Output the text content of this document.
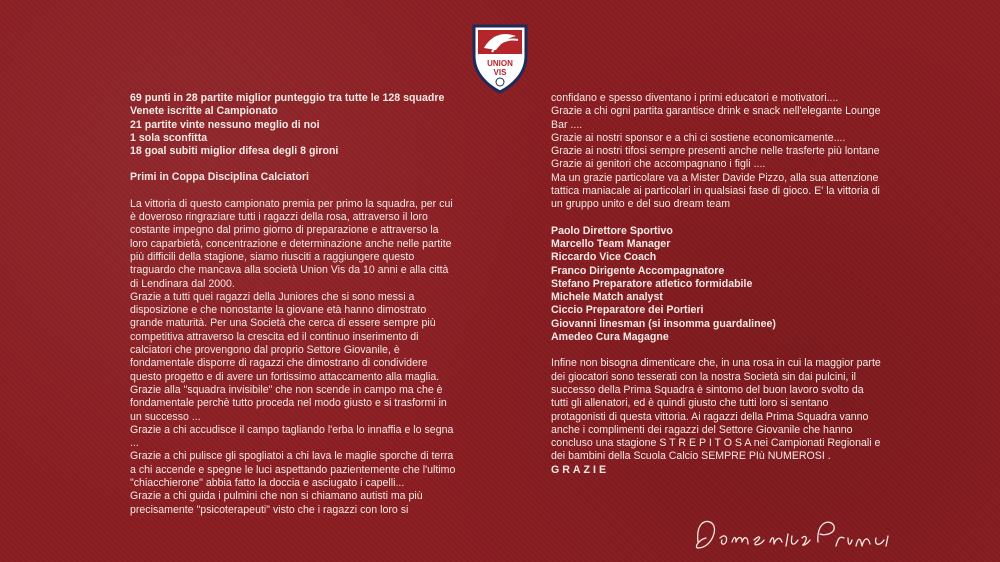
UNION
VIS

69 punti in 28 partite miglior punteggio tra tutte le 128 squadre Venete iscritte al Campionato

21 partite vinte nessuno meglio di noi

1 sola sconfitta

18 goal subiti miglior difesa degli 8 gironi

Primi in Coppa Disciplina Calciatori

La vittoria di questo campionato premia per primo la squadra, per cui è doveroso ringraziare tutti i ragazzi della rosa, attraverso il loro costante impegno dal primo giorno di preparazione e attraverso la loro caparbietà, concentrazione e determinazione anche nelle partite più difficili della stagione, siamo riusciti a raggiungere questo traguardo che mancava alla società Union Vis da 10 anni e alla città di Lendinara dal 2000.

Grazie a tutti quei ragazzi della Juniores che si sono messi a disposizione e che nonostante la giovane età hanno dimostrato grande maturità. Per una Società che cerca di essere sempre più competitiva attraverso la crescita ed il continuo inserimento di calciatori che provengono dal proprio Settore Giovanile, è fondamentale disporre di ragazzi che dimostrano di condividere questo progetto e di avere un fortissimo attaccamento alla maglia.

Grazie alla "squadra invisibile" che non scende in campo ma che è fondamentale perchè tutto proceda nel modo giusto e si trasformi in un successo ...

Grazie a chi accudisce il campo tagliando l'erba lo innaffia e lo segna ...

Grazie a chi pulisce gli spogliatoi a chi lava le maglie sporche di terra a chi accende e spegne le luci aspettando pazientemente che l'ultimo "chiacchierone" abbia fatto la doccia e asciugato i capelli...

Grazie a chi guida i pulmini che non si chiamano autisti ma più precisamente "psicoterapeuti" visto che i ragazzi con loro si

confidano e spesso diventano i primi educatori e motivatori....

Grazie a chi ogni partita garantisce drink e snack nell'elegante Lounge Bar ....

Grazie ai nostri sponsor e a chi ci sostiene economicamente....

Grazie ai nostri tifosi sempre presenti anche nelle trasferte più lontane

Grazie ai genitori che accompagnano i figli ....

Ma un grazie particolare va a Mister Davide Pizzo, alla sua attenzione tattica maniacale ai particolari in qualsiasi fase di gioco. E' la vittoria di un gruppo unito e del suo dream team

Paolo Direttore Sportivo

Marcello Team Manager

Riccardo Vice Coach

Franco Dirigente Accompagnatore

Stefano Preparatore atletico formidabile

Michele Match analyst

Ciccio Preparatore dei Portieri

Giovanni linesman (si insomma guardalinee)

Amedeo Cura Magagne

Infine non bisogna dimenticare che, in una rosa in cui la maggior parte dei giocatori sono tesserati con la nostra Società sin dai pulcini, il successo della Prima Squadra è sintomo del buon lavoro svolto da tutti gli allenatori, ed è quindi giusto che tutti loro si sentano protagonisti di questa vittoria. Ai ragazzi della Prima Squadra vanno anche i complimenti dei ragazzi del Settore Giovanile che hanno concluso una stagione S T R E P I T O S A nei Campionati Regionali e dei bambini della Scuola Calcio SEMPRE PIù NUMEROSI .

GRAZIE
